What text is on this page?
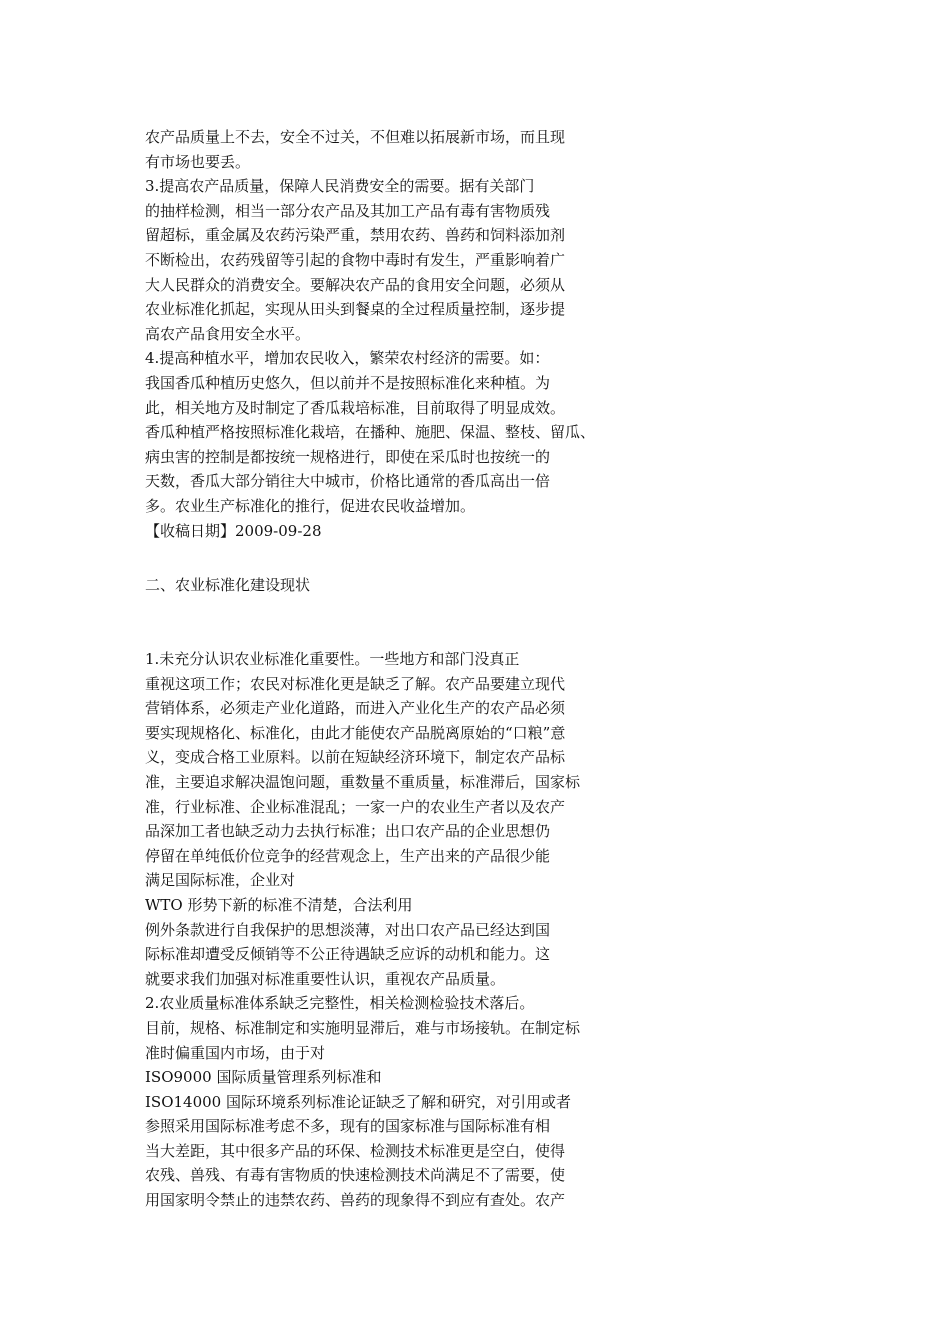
农产品质量上不去，安全不过关，不但难以拓展新市场，而且现
有市场也要丢。
3.提高农产品质量，保障人民消费安全的需要。据有关部门
的抽样检测，相当一部分农产品及其加工产品有毒有害物质残
留超标，重金属及农药污染严重，禁用农药、兽药和饲料添加剂
不断检出，农药残留等引起的食物中毒时有发生，严重影响着广
大人民群众的消费安全。要解决农产品的食用安全问题，必须从
农业标准化抓起，实现从田头到餐桌的全过程质量控制，逐步提
高农产品食用安全水平。
4.提高种植水平，增加农民收入，繁荣农村经济的需要。如：
我国香瓜种植历史悠久，但以前并不是按照标准化来种植。为
此，相关地方及时制定了香瓜栽培标准，目前取得了明显成效。
香瓜种植严格按照标准化栽培，在播种、施肥、保温、整枝、留瓜、
病虫害的控制是都按统一规格进行，即使在采瓜时也按统一的
天数，香瓜大部分销往大中城市，价格比通常的香瓜高出一倍
多。农业生产标准化的推行，促进农民收益增加。
【收稿日期】2009-09-28
二、农业标准化建设现状
1.未充分认识农业标准化重要性。一些地方和部门没真正
重视这项工作；农民对标准化更是缺乏了解。农产品要建立现代
营销体系，必须走产业化道路，而进入产业化生产的农产品必须
要实现规格化、标准化，由此才能使农产品脱离原始的“口粮”意
义，变成合格工业原料。以前在短缺经济环境下，制定农产品标
准，主要追求解决温饱问题，重数量不重质量，标准滞后，国家标
准，行业标准、企业标准混乱；一家一户的农业生产者以及农产
品深加工者也缺乏动力去执行标准；出口农产品的企业思想仍
停留在单纯低价位竞争的经营观念上，生产出来的产品很少能
满足国际标准，企业对
WTO 形势下新的标准不清楚，合法利用
例外条款进行自我保护的思想淡薄，对出口农产品已经达到国
际标准却遭受反倾销等不公正待遇缺乏应诉的动机和能力。这
就要求我们加强对标准重要性认识，重视农产品质量。
2.农业质量标准体系缺乏完整性，相关检测检验技术落后。
目前，规格、标准制定和实施明显滞后，难与市场接轨。在制定标
准时偏重国内市场，由于对
ISO9000 国际质量管理系列标准和
ISO14000 国际环境系列标准论证缺乏了解和研究，对引用或者
参照采用国际标准考虑不多，现有的国家标准与国际标准有相
当大差距，其中很多产品的环保、检测技术标准更是空白，使得
农残、兽残、有毒有害物质的快速检测技术尚满足不了需要，使
用国家明令禁止的违禁农药、兽药的现象得不到应有查处。农产
